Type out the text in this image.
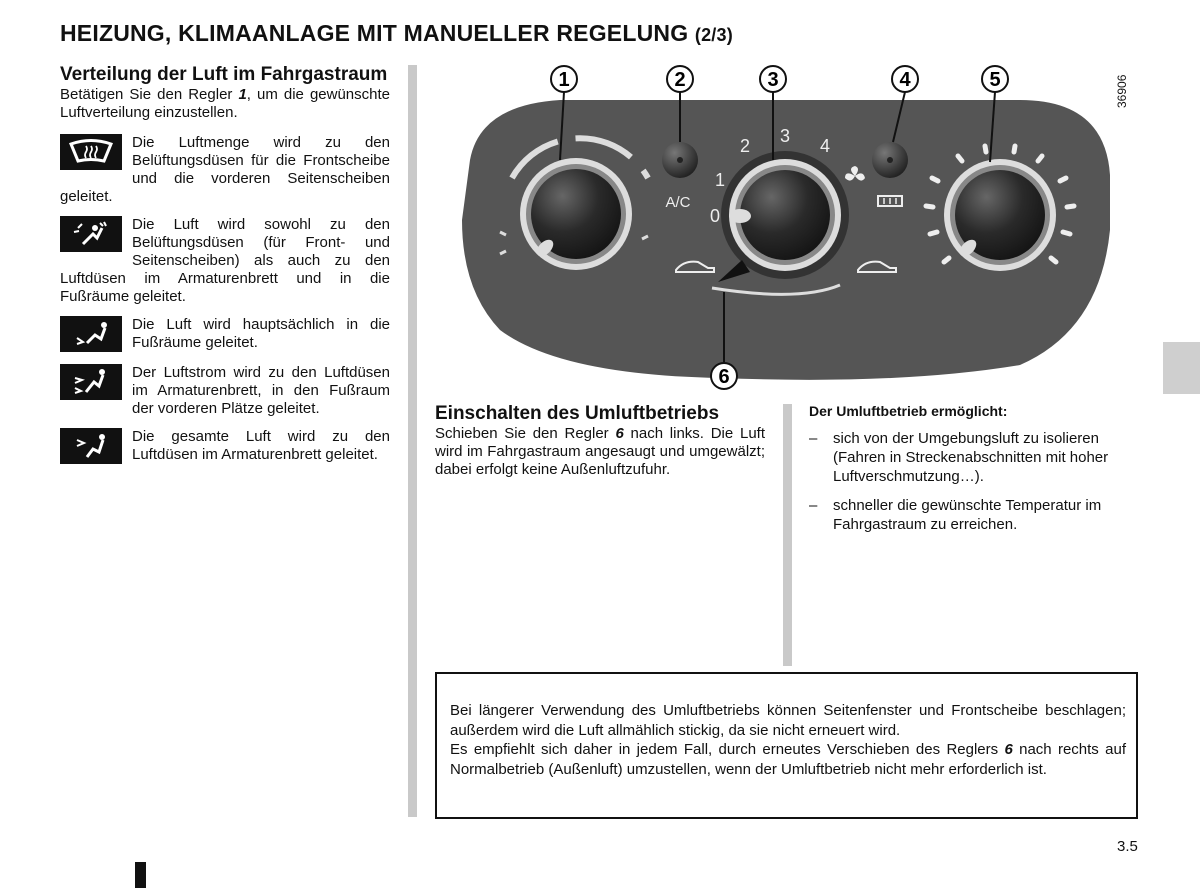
HEIZUNG, KLIMAANLAGE MIT MANUELLER REGELUNG (2/3)

Verteilung der Luft im Fahrgastraum

Betätigen Sie den Regler 1, um die gewünschte Luftverteilung einzustellen.

Die Luftmenge wird zu den Belüftungsdüsen für die Frontscheibe und die vorderen Seitenscheiben geleitet.

Die Luft wird sowohl zu den Belüftungsdüsen (für Front- und Seitenscheiben) als auch zu den Luftdüsen im Armaturenbrett und in die Fußräume geleitet.

Die Luft wird hauptsächlich in die Fußräume geleitet.

Der Luftstrom wird zu den Luftdüsen im Armaturenbrett, in den Fußraum der vorderen Plätze geleitet.

Die gesamte Luft wird zu den Luftdüsen im Armaturenbrett geleitet.

A/C
0
1
2 3 4
1	2	3	4	5
6
36906

Einschalten des Umluftbetriebs

Schieben Sie den Regler 6 nach links. Die Luft wird im Fahrgastraum angesaugt und umgewälzt; dabei erfolgt keine Außenluftzufuhr.

Der Umluftbetrieb ermöglicht:

– sich von der Umgebungsluft zu isolieren (Fahren in Streckenabschnitten mit hoher Luftverschmutzung…).
– schneller die gewünschte Temperatur im Fahrgastraum zu erreichen.
Bei längerer Verwendung des Umluftbetriebs können Seitenfenster und Frontscheibe beschlagen; außerdem wird die Luft allmählich stickig, da sie nicht erneuert wird.
Es empfiehlt sich daher in jedem Fall, durch erneutes Verschieben des Reglers 6 nach rechts auf Normalbetrieb (Außenluft) umzustellen, wenn der Umluftbetrieb nicht mehr erforderlich ist.
3.5
